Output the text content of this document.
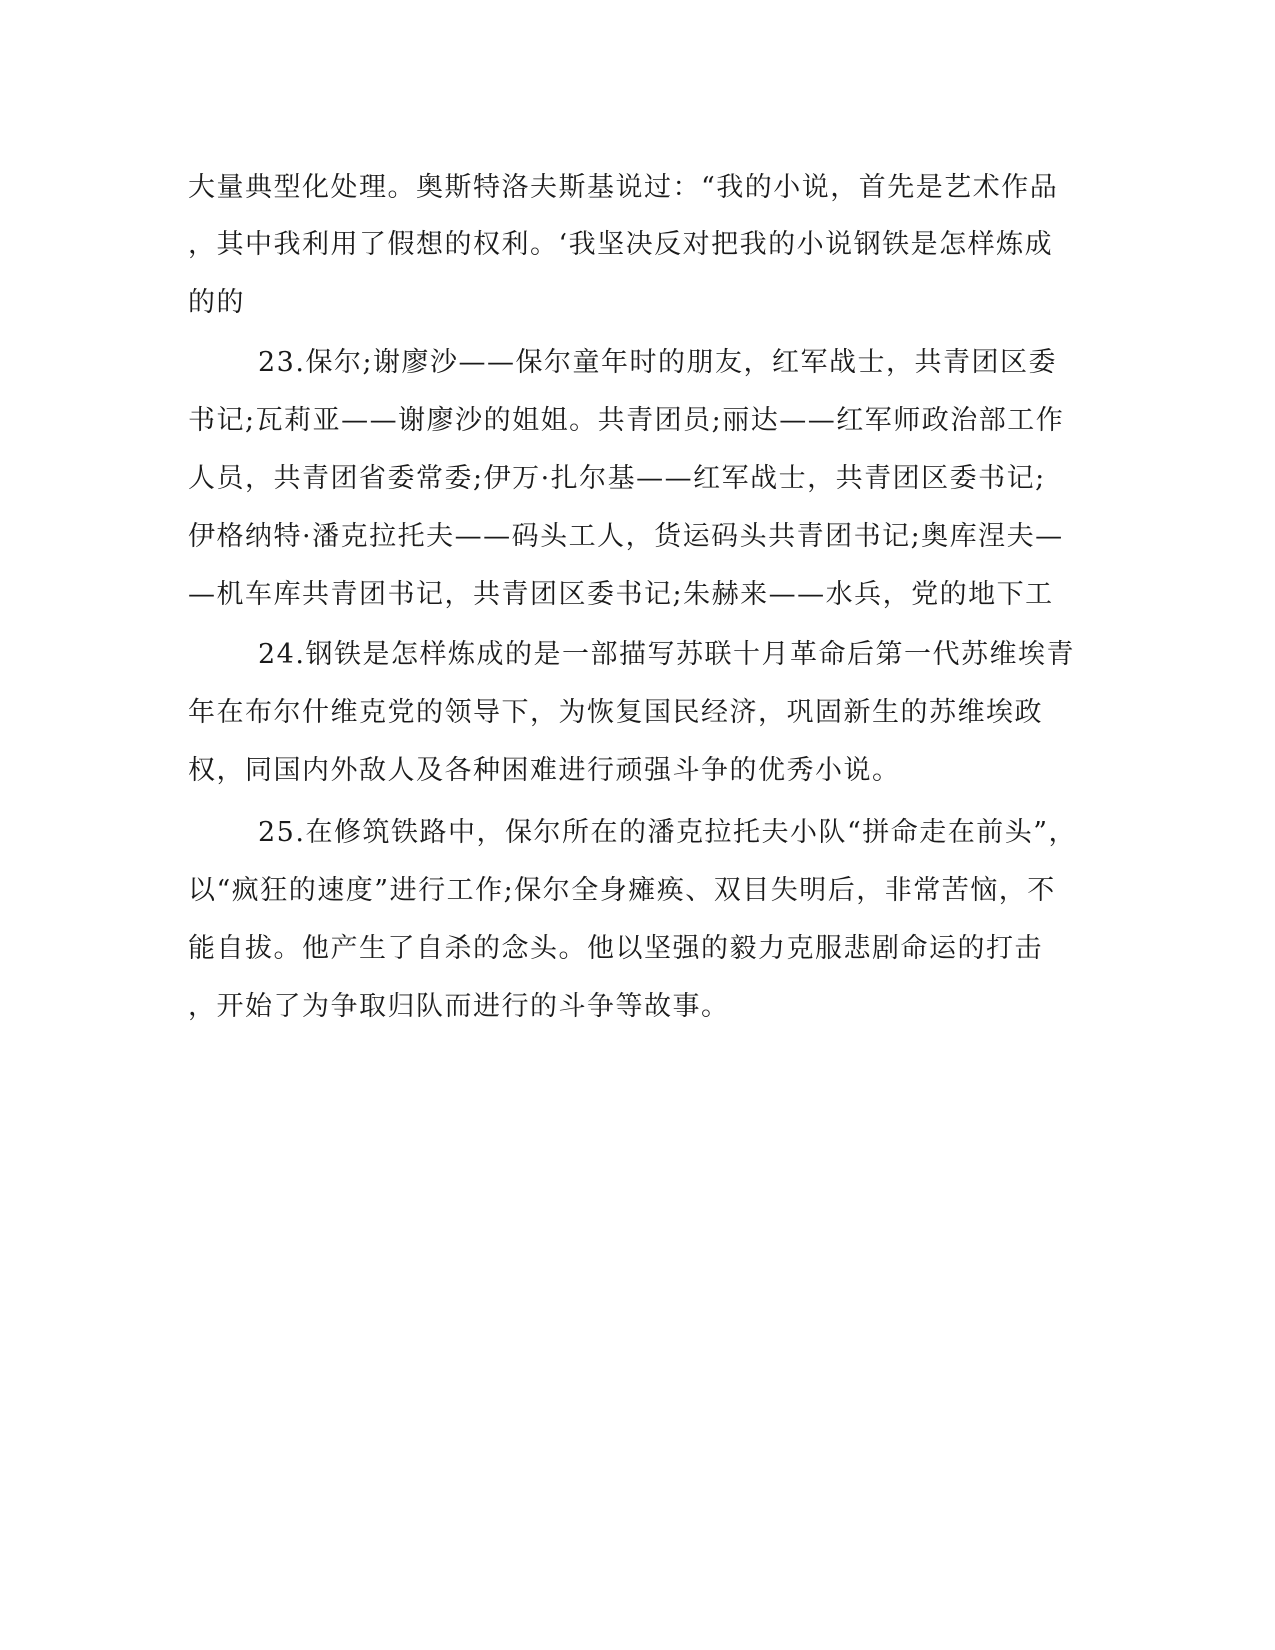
大量典型化处理。奥斯特洛夫斯基说过：“我的小说，首先是艺术作品
，其中我利用了假想的权利。‘我坚决反对把我的小说钢铁是怎样炼成
的的
23.保尔;谢廖沙——保尔童年时的朋友，红军战士，共青团区委
书记;瓦莉亚——谢廖沙的姐姐。共青团员;丽达——红军师政治部工作
人员，共青团省委常委;伊万·扎尔基——红军战士，共青团区委书记;
伊格纳特·潘克拉托夫——码头工人，货运码头共青团书记;奥库涅夫—
—机车库共青团书记，共青团区委书记;朱赫来——水兵，党的地下工
24.钢铁是怎样炼成的是一部描写苏联十月革命后第一代苏维埃青
年在布尔什维克党的领导下，为恢复国民经济，巩固新生的苏维埃政
权，同国内外敌人及各种困难进行顽强斗争的优秀小说。
25.在修筑铁路中，保尔所在的潘克拉托夫小队“拼命走在前头”，
以“疯狂的速度”进行工作;保尔全身瘫痪、双目失明后，非常苦恼，不
能自拔。他产生了自杀的念头。他以坚强的毅力克服悲剧命运的打击
，开始了为争取归队而进行的斗争等故事。
